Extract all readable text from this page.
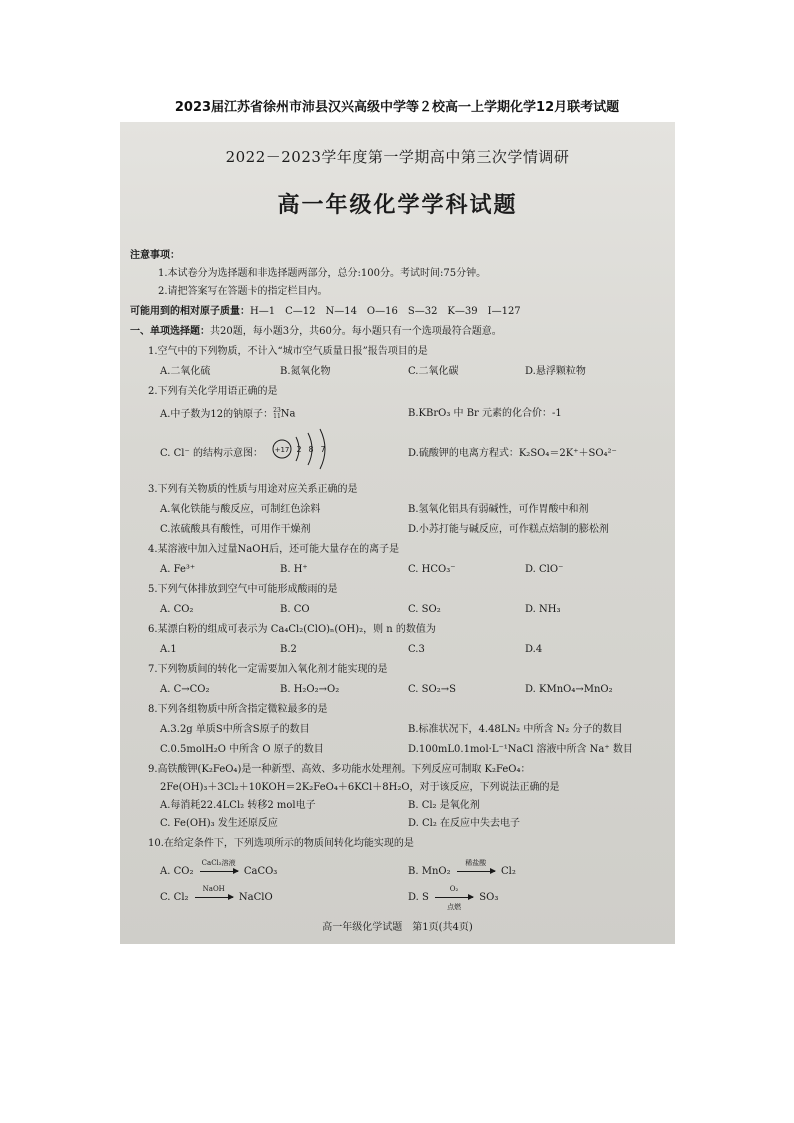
2023届江苏省徐州市沛县汉兴高级中学等２校高一上学期化学12月联考试题
2022－2023学年度第一学期高中第三次学情调研
高一年级化学学科试题
注意事项：
1.本试卷分为选择题和非选择题两部分，总分:100分。考试时间:75分钟。
2.请把答案写在答题卡的指定栏目内。
可能用到的相对原子质量：H—1　C—12　N—14　O—16　S—32　K—39　I—127
一、单项选择题：共20题，每小题3分，共60分。每小题只有一个选项最符合题意。
1.空气中的下列物质，不计入“城市空气质量日报”报告项目的是
A.二氧化硫	B.氮氧化物	C.二氧化碳	D.悬浮颗粒物
2.下列有关化学用语正确的是
A.中子数为12的钠原子： 23
11 Na	B.KBrO₃ 中 Br 元素的化合价：-1
C. Cl⁻ 的结构示意图： +17 2 8 7	D.硫酸钾的电离方程式：K₂SO₄＝2K⁺＋SO₄²⁻
3.下列有关物质的性质与用途对应关系正确的是
A.氧化铁能与酸反应，可制红色涂料	B.氢氧化铝具有弱碱性，可作胃酸中和剂
C.浓硫酸具有酸性，可用作干燥剂	D.小苏打能与碱反应，可作糕点焙制的膨松剂
4.某溶液中加入过量NaOH后，还可能大量存在的离子是
A. Fe³⁺	B. H⁺	C. HCO₃⁻	D. ClO⁻
5.下列气体排放到空气中可能形成酸雨的是
A. CO₂	B. CO	C. SO₂	D. NH₃
6.某漂白粉的组成可表示为 Ca₄Cl₂(ClO)ₙ(OH)₂，则 n 的数值为
A.1	B.2	C.3	D.4
7.下列物质间的转化一定需要加入氧化剂才能实现的是
A. C→CO₂	B. H₂O₂→O₂	C. SO₂→S	D. KMnO₄→MnO₂
8.下列各组物质中所含指定微粒最多的是
A.3.2g 单质S中所含S原子的数目	B.标准状况下，4.48LN₂ 中所含 N₂ 分子的数目
C.0.5molH₂O 中所含 O 原子的数目	D.100mL0.1mol·L⁻¹NaCl 溶液中所含 Na⁺ 数目
9.高铁酸钾(K₂FeO₄)是一种新型、高效、多功能水处理剂。下列反应可制取 K₂FeO₄：
2Fe(OH)₃＋3Cl₂＋10KOH＝2K₂FeO₄＋6KCl＋8H₂O，对于该反应，下列说法正确的是
A.每消耗22.4LCl₂ 转移2 mol电子	B. Cl₂ 是氧化剂
C. Fe(OH)₃ 发生还原反应	D. Cl₂ 在反应中失去电子
10.在给定条件下，下列选项所示的物质间转化均能实现的是
A. CO₂
CaCl₂溶液
CaCO₃	B. MnO₂
稀盐酸
Cl₂
C. Cl₂
NaOH
NaClO	D. S
O₂
点燃
SO₃
高一年级化学试题　第1页(共4页)
